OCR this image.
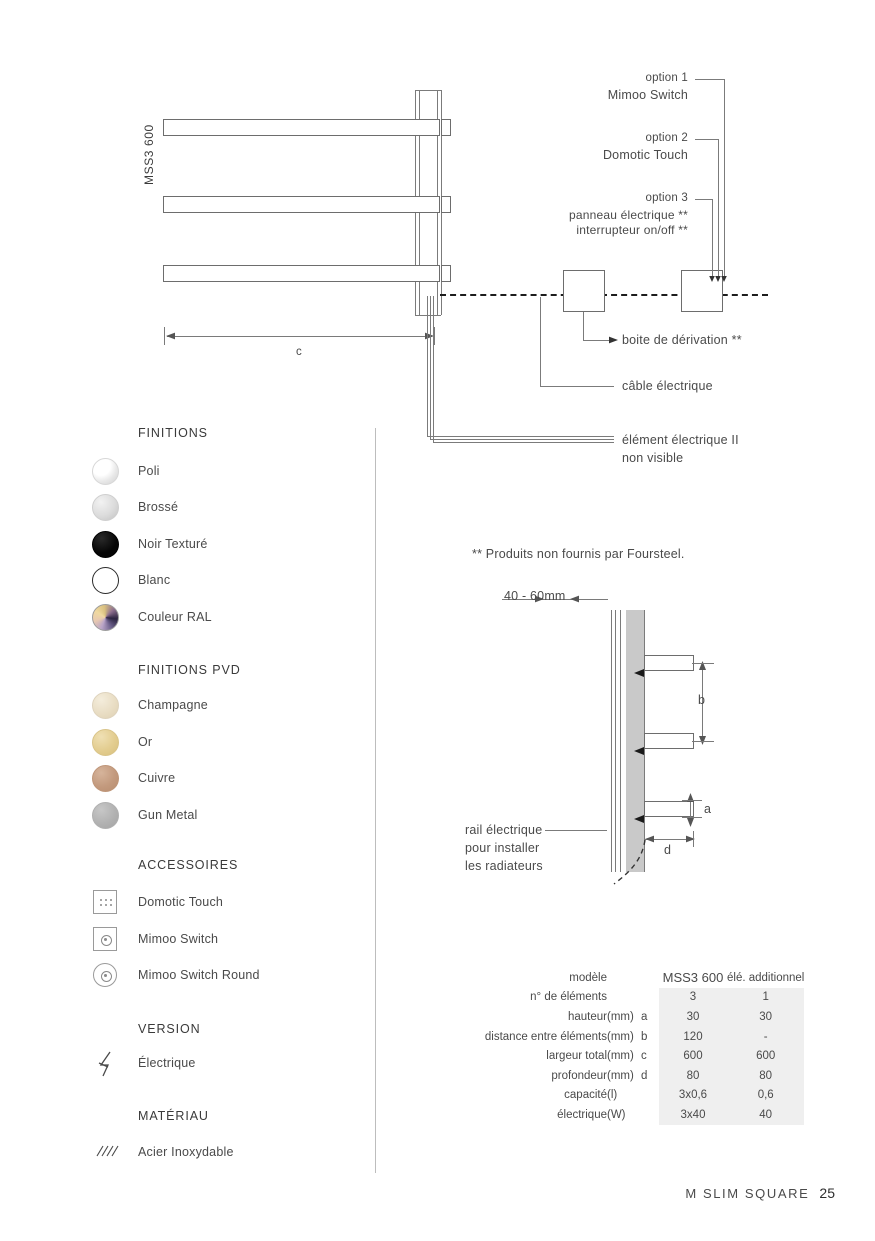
MSS3 600
option 1
Mimoo Switch
option 2
Domotic Touch
option 3
panneau électrique **
interrupteur on/off **
c
boite de dérivation **
câble électrique
élément électrique II
non visible
FINITIONS
Poli
Brossé
Noir Texturé
Blanc
Couleur RAL
FINITIONS PVD
Champagne
Or
Cuivre
Gun Metal
ACCESSOIRES
Domotic Touch
Mimoo Switch
Mimoo Switch Round
VERSION
Électrique
MATÉRIAU
Acier Inoxydable
** Produits non fournis par Foursteel.
40 - 60mm
b
a
d
rail électrique
pour installer
les radiateurs
modèle			MSS3 600	élé. additionnel
n° de éléments			3	1
hauteur	(mm)	a	30	30
distance entre éléments	(mm)	b	120	-
largeur total	(mm)	c	600	600
profondeur	(mm)	d	80	80
capacité	(l)		3x0,6	0,6
électrique	(W)		3x40	40
M SLIM SQUARE 25
